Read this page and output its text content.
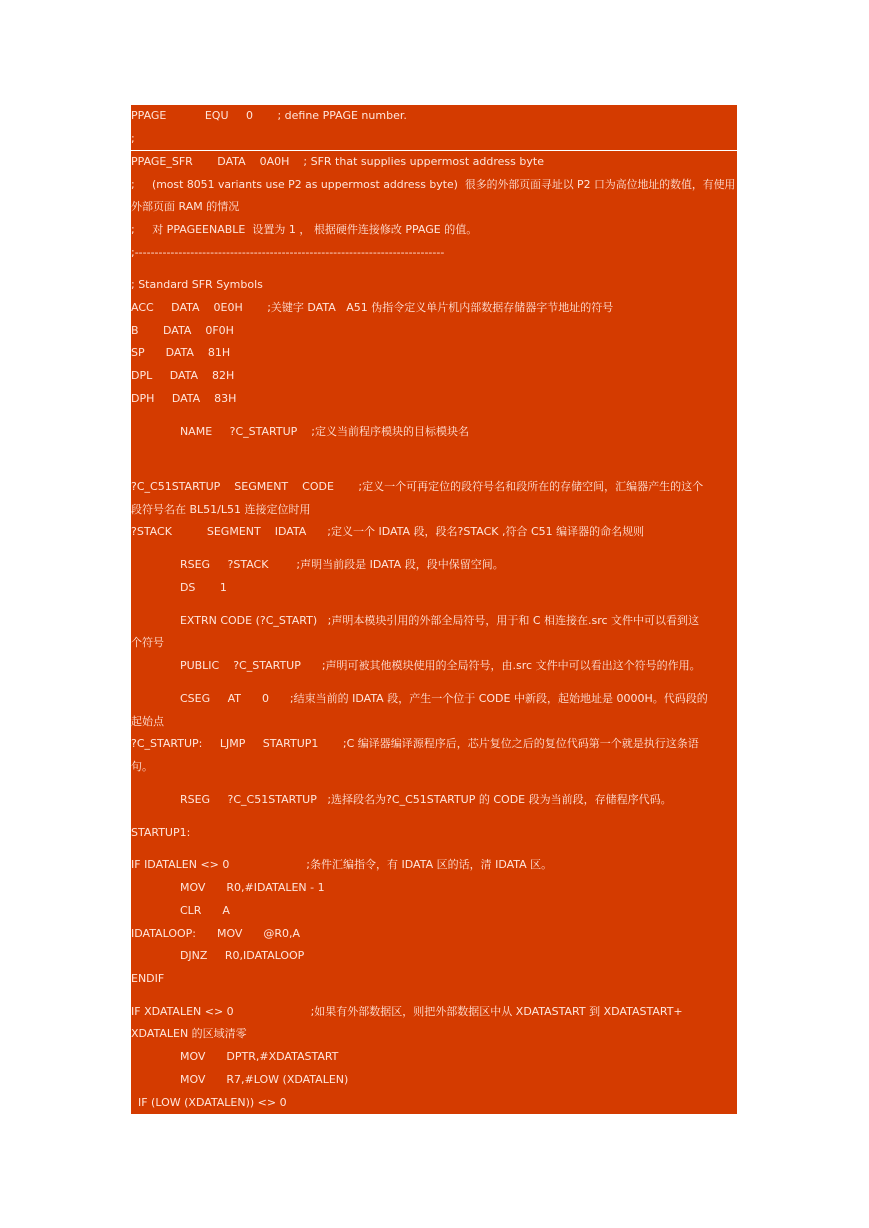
PPAGE           EQU     0       ; define PPAGE number.
;
PPAGE_SFR       DATA    0A0H    ; SFR that supplies uppermost address byte
;     (most 8051 variants use P2 as uppermost address byte)  很多的外部页面寻址以 P2 口为高位地址的数值，有使用
外部页面 RAM 的情况
;     对 PPAGEENABLE  设置为 1 ， 根据硬件连接修改 PPAGE 的值。
;------------------------------------------------------------------------------
; Standard SFR Symbols
ACC     DATA    0E0H       ;关键字 DATA   A51 伪指令定义单片机内部数据存储器字节地址的符号
B       DATA    0F0H
SP      DATA    81H
DPL     DATA    82H
DPH     DATA    83H
NAME     ?C_STARTUP    ;定义当前程序模块的目标模块名
?C_C51STARTUP    SEGMENT    CODE       ;定义一个可再定位的段符号名和段所在的存储空间，汇编器产生的这个
段符号名在 BL51/L51 连接定位时用
?STACK          SEGMENT    IDATA      ;定义一个 IDATA 段，段名?STACK ,符合 C51 编译器的命名规则
RSEG     ?STACK        ;声明当前段是 IDATA 段，段中保留空间。
DS       1
EXTRN CODE (?C_START)   ;声明本模块引用的外部全局符号，用于和 C 相连接在.src 文件中可以看到这
个符号
PUBLIC    ?C_STARTUP      ;声明可被其他模块使用的全局符号，由.src 文件中可以看出这个符号的作用。
CSEG     AT      0      ;结束当前的 IDATA 段，产生一个位于 CODE 中新段，起始地址是 0000H。代码段的
起始点
?C_STARTUP:     LJMP     STARTUP1       ;C 编译器编译源程序后，芯片复位之后的复位代码第一个就是执行这条语
句。
RSEG     ?C_C51STARTUP   ;选择段名为?C_C51STARTUP 的 CODE 段为当前段，存储程序代码。
STARTUP1:
IF IDATALEN <> 0                      ;条件汇编指令，有 IDATA 区的话，清 IDATA 区。
MOV      R0,#IDATALEN - 1
CLR      A
IDATALOOP:      MOV      @R0,A
DJNZ     R0,IDATALOOP
ENDIF
IF XDATALEN <> 0                      ;如果有外部数据区，则把外部数据区中从 XDATASTART 到 XDATASTART+
XDATALEN 的区域清零
MOV      DPTR,#XDATASTART
MOV      R7,#LOW (XDATALEN)
IF (LOW (XDATALEN)) <> 0
